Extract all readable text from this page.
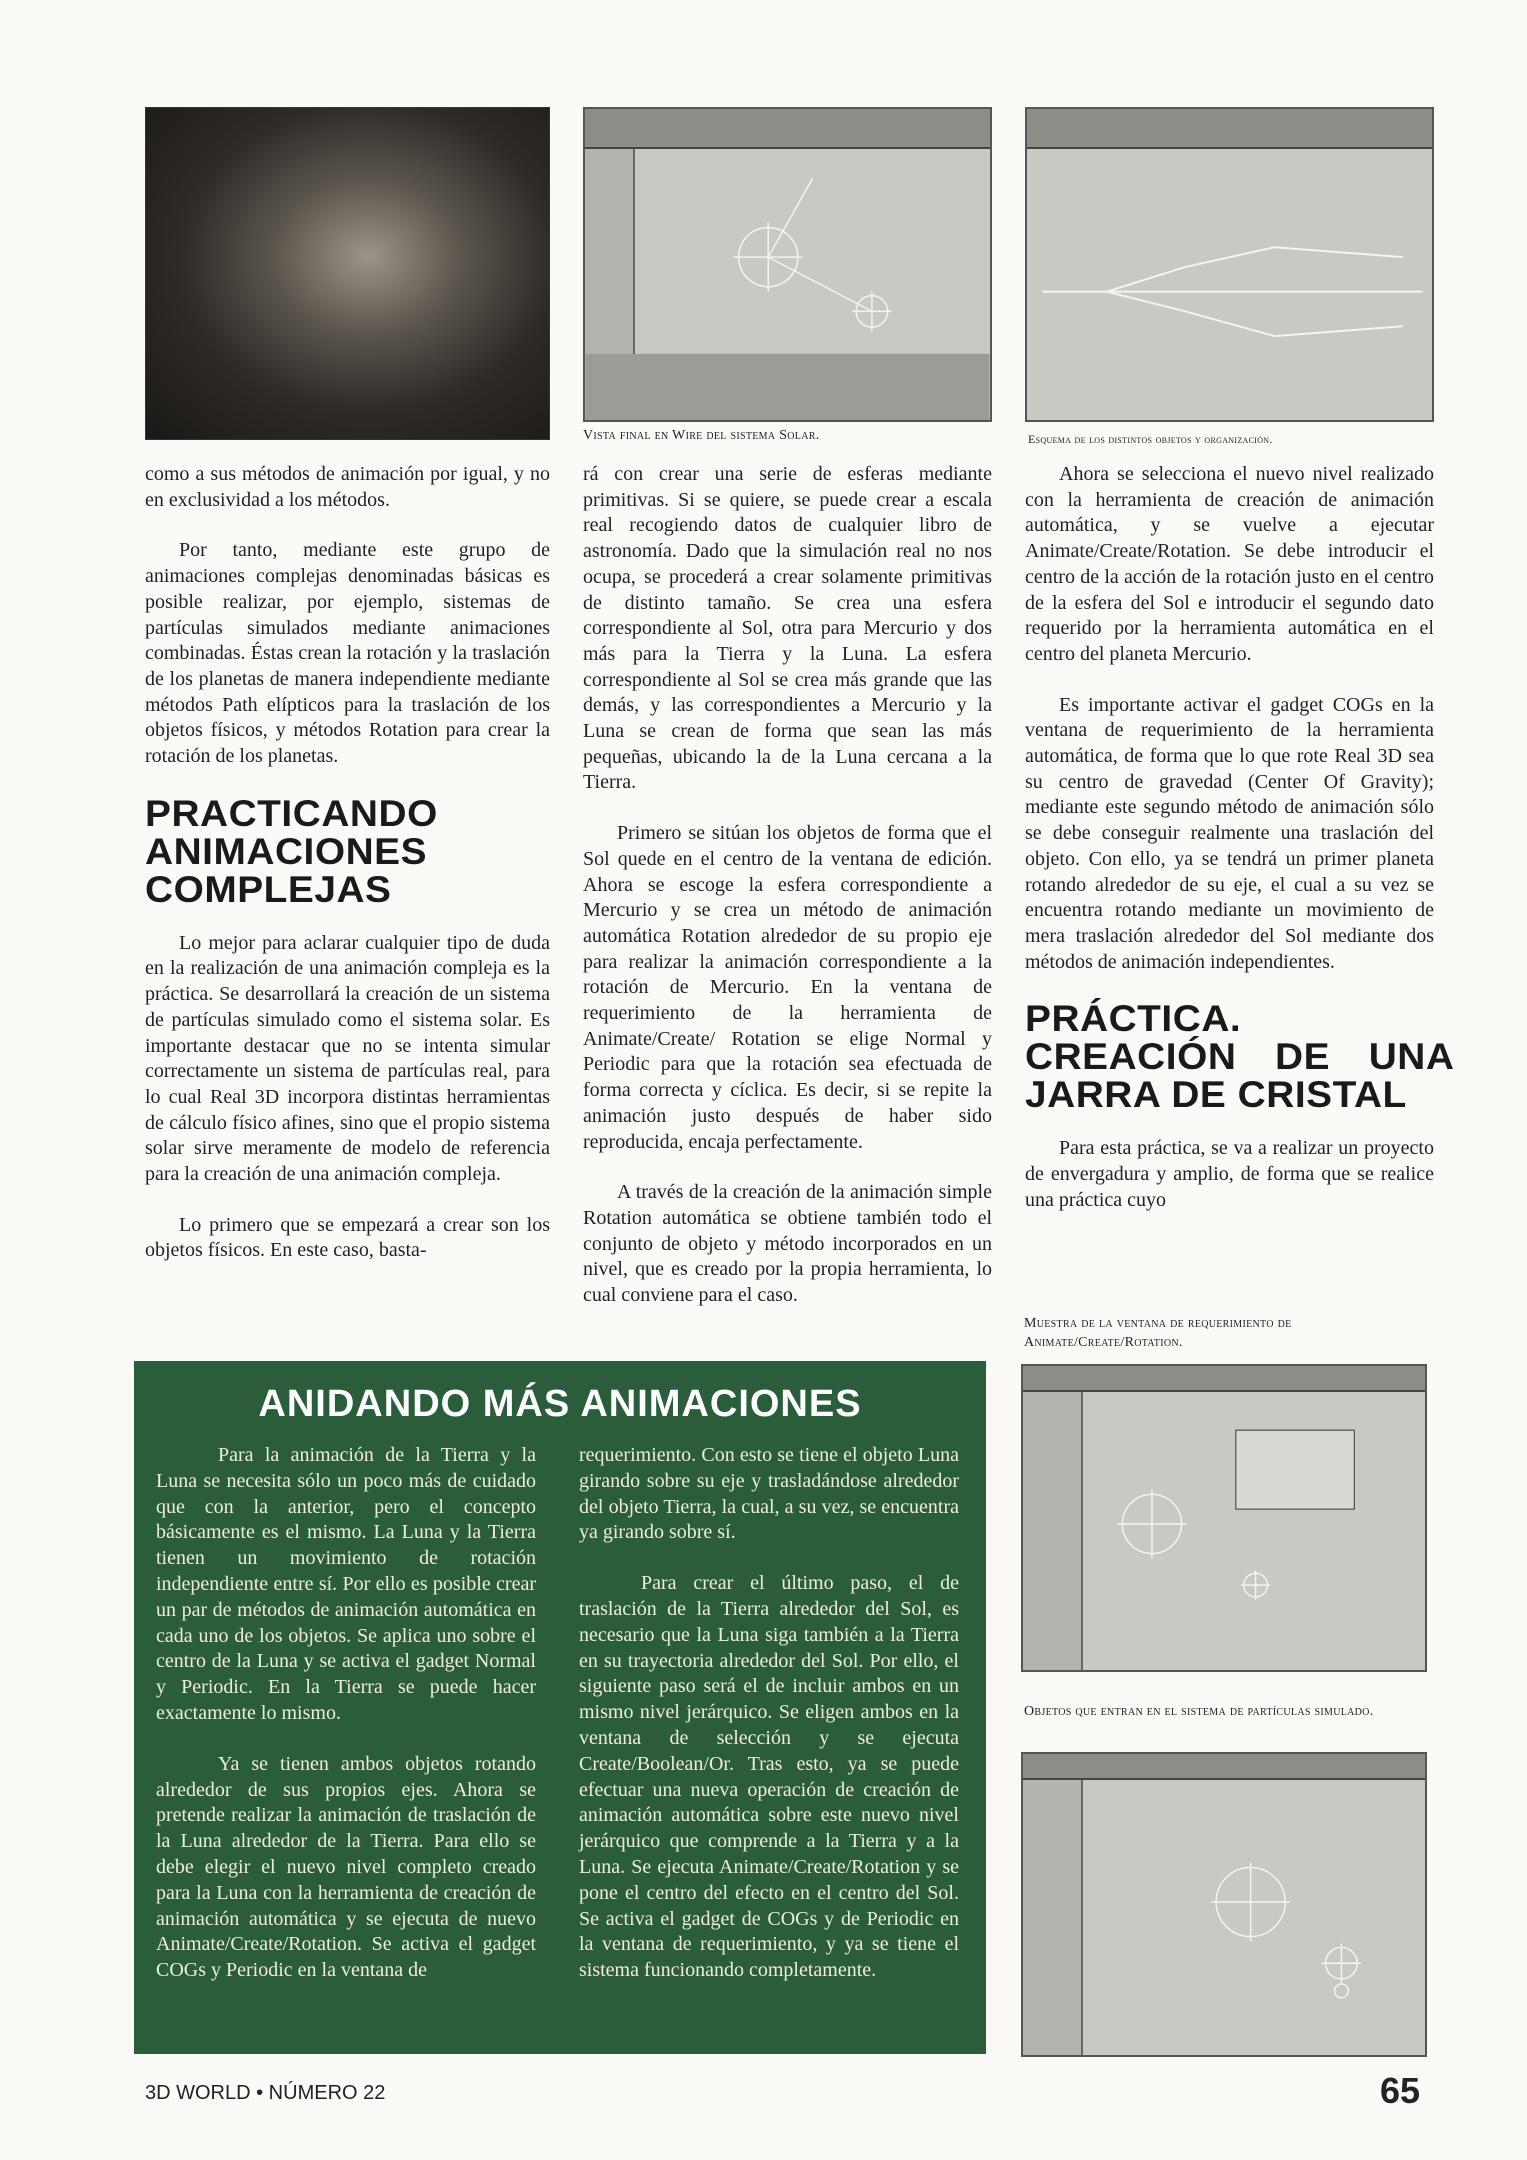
como a sus métodos de animación por igual, y no en exclusividad a los métodos.

Por tanto, mediante este grupo de animaciones complejas denominadas básicas es posible realizar, por ejemplo, sistemas de partículas simulados mediante animaciones combinadas. Éstas crean la rotación y la traslación de los planetas de manera independiente mediante métodos Path elípticos para la traslación de los objetos físicos, y métodos Rotation para crear la rotación de los planetas.

PRACTICANDO ANIMACIONES COMPLEJAS

Lo mejor para aclarar cualquier tipo de duda en la realización de una animación compleja es la práctica. Se desarrollará la creación de un sistema de partículas simulado como el sistema solar. Es importante destacar que no se intenta simular correctamente un sistema de partículas real, para lo cual Real 3D incorpora distintas herramientas de cálculo físico afines, sino que el propio sistema solar sirve meramente de modelo de referencia para la creación de una animación compleja.

Lo primero que se empezará a crear son los objetos físicos. En este caso, basta-

Vista final en Wire del sistema Solar.

rá con crear una serie de esferas mediante primitivas. Si se quiere, se puede crear a escala real recogiendo datos de cualquier libro de astronomía. Dado que la simulación real no nos ocupa, se procederá a crear solamente primitivas de distinto tamaño. Se crea una esfera correspondiente al Sol, otra para Mercurio y dos más para la Tierra y la Luna. La esfera correspondiente al Sol se crea más grande que las demás, y las correspondientes a Mercurio y la Luna se crean de forma que sean las más pequeñas, ubicando la de la Luna cercana a la Tierra.

Primero se sitúan los objetos de forma que el Sol quede en el centro de la ventana de edición. Ahora se escoge la esfera correspondiente a Mercurio y se crea un método de animación automática Rotation alrededor de su propio eje para realizar la animación correspondiente a la rotación de Mercurio. En la ventana de requerimiento de la herramienta de Animate/Create/ Rotation se elige Normal y Periodic para que la rotación sea efectuada de forma correcta y cíclica. Es decir, si se repite la animación justo después de haber sido reproducida, encaja perfectamente.

A través de la creación de la animación simple Rotation automática se obtiene también todo el conjunto de objeto y método incorporados en un nivel, que es creado por la propia herramienta, lo cual conviene para el caso.

Esquema de los distintos objetos y organización.

Ahora se selecciona el nuevo nivel realizado con la herramienta de creación de animación automática, y se vuelve a ejecutar Animate/Create/Rotation. Se debe introducir el centro de la acción de la rotación justo en el centro de la esfera del Sol e introducir el segundo dato requerido por la herramienta automática en el centro del planeta Mercurio.

Es importante activar el gadget COGs en la ventana de requerimiento de la herramienta automática, de forma que lo que rote Real 3D sea su centro de gravedad (Center Of Gravity); mediante este segundo método de animación sólo se debe conseguir realmente una traslación del objeto. Con ello, ya se tendrá un primer planeta rotando alrededor de su eje, el cual a su vez se encuentra rotando mediante un movimiento de mera traslación alrededor del Sol mediante dos métodos de animación independientes.

PRÁCTICA. CREACIÓN DE UNA JARRA DE CRISTAL

Para esta práctica, se va a realizar un proyecto de envergadura y amplio, de forma que se realice una práctica cuyo

Muestra de la ventana de requerimiento de Animate/Create/Rotation.
Objetos que entran en el sistema de partículas simulado.
ANIDANDO MÁS ANIMACIONES

Para la animación de la Tierra y la Luna se necesita sólo un poco más de cuidado que con la anterior, pero el concepto básicamente es el mismo. La Luna y la Tierra tienen un movimiento de rotación independiente entre sí. Por ello es posible crear un par de métodos de animación automática en cada uno de los objetos. Se aplica uno sobre el centro de la Luna y se activa el gadget Normal y Periodic. En la Tierra se puede hacer exactamente lo mismo.

Ya se tienen ambos objetos rotando alrededor de sus propios ejes. Ahora se pretende realizar la animación de traslación de la Luna alrededor de la Tierra. Para ello se debe elegir el nuevo nivel completo creado para la Luna con la herramienta de creación de animación automática y se ejecuta de nuevo Animate/Create/Rotation. Se activa el gadget COGs y Periodic en la ventana de

requerimiento. Con esto se tiene el objeto Luna girando sobre su eje y trasladándose alrededor del objeto Tierra, la cual, a su vez, se encuentra ya girando sobre sí.

Para crear el último paso, el de traslación de la Tierra alrededor del Sol, es necesario que la Luna siga también a la Tierra en su trayectoria alrededor del Sol. Por ello, el siguiente paso será el de incluir ambos en un mismo nivel jerárquico. Se eligen ambos en la ventana de selección y se ejecuta Create/Boolean/Or. Tras esto, ya se puede efectuar una nueva operación de creación de animación automática sobre este nuevo nivel jerárquico que comprende a la Tierra y a la Luna. Se ejecuta Animate/Create/Rotation y se pone el centro del efecto en el centro del Sol. Se activa el gadget de COGs y de Periodic en la ventana de requerimiento, y ya se tiene el sistema funcionando completamente.

3D WORLD • NÚMERO 22	65
